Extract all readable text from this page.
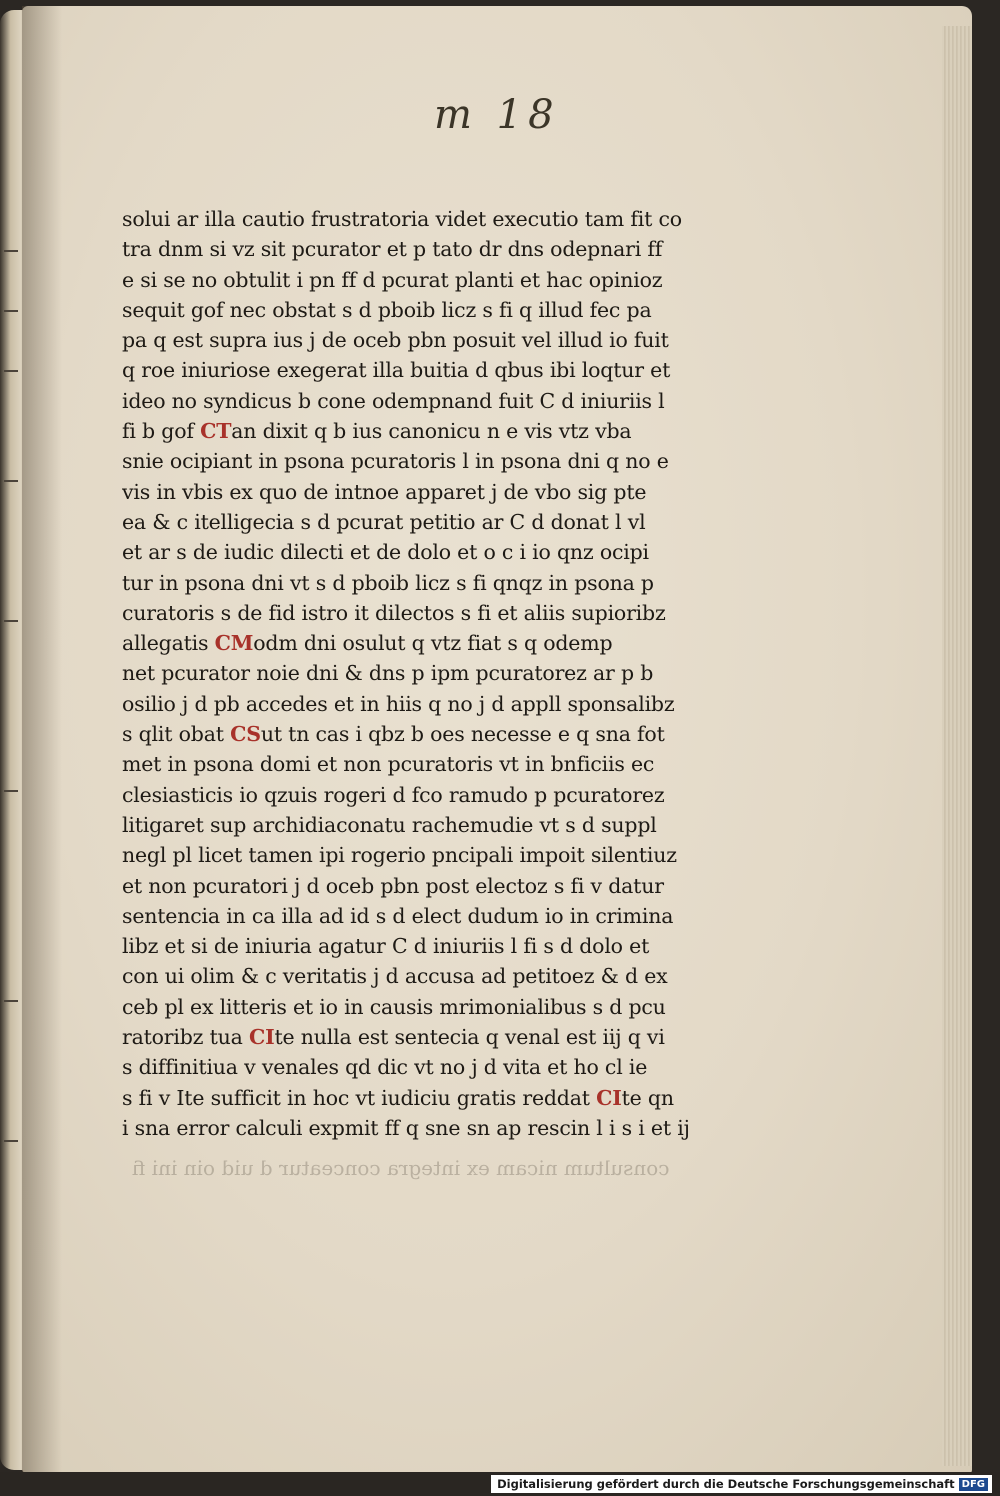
m 18
solui ar illa cautio frustratoria videt executio tam fit co
tra dnm si vz sit pcurator et p tato dr dns odepnari ff
e si se no obtulit i pn ff d pcurat planti et hac opinioz
sequit gof nec obstat s d pboib licz s fi q illud fec pa
pa q est supra ius j de oceb pbn posuit vel illud io fuit
q roe iniuriose exegerat illa buitia d qbus ibi loqtur et
ideo no syndicus b cone odempnand fuit C d iniuriis l
fi b gof CTan dixit q b ius canonicu n e vis vtz vba
snie ocipiant in psona pcuratoris l in psona dni q no e
vis in vbis ex quo de intnoe apparet j de vbo sig pte
ea & c itelligecia s d pcurat petitio ar C d donat l vl
et ar s de iudic dilecti et de dolo et o c i io qnz ocipi
tur in psona dni vt s d pboib licz s fi qnqz in psona p
curatoris s de fid istro it dilectos s fi et aliis supioribz
allegatis CModm dni osulut q vtz fiat s q odemp
net pcurator noie dni & dns p ipm pcuratorez ar p b
osilio j d pb accedes et in hiis q no j d appll sponsalibz
s qlit obat CSut tn cas i qbz b oes necesse e q sna fot
met in psona domi et non pcuratoris vt in bnficiis ec
clesiasticis io qzuis rogeri d fco ramudo p pcuratorez
litigaret sup archidiaconatu rachemudie vt s d suppl
negl pl licet tamen ipi rogerio pncipali impoit silentiuz
et non pcuratori j d oceb pbn post electoz s fi v datur
sentencia in ca illa ad id s d elect dudum io in crimina
libz et si de iniuria agatur C d iniuriis l fi s d dolo et
con ui olim & c veritatis j d accusa ad petitoez & d ex
ceb pl ex litteris et io in causis mrimonialibus s d pcu
ratoribz tua CIte nulla est sentecia q venal est iij q vi
s diffinitiua v venales qd dic vt no j d vita et ho cl ie
s fi v Ite sufficit in hoc vt iudiciu gratis reddat CIte qn
i sna error calculi expmit ff q sne sn ap rescin l i s i et ij
consultum nicam ex integra conceatur d uid oin ini fi
Digitalisierung gefördert durch die Deutsche Forschungsgemeinschaft DFG
